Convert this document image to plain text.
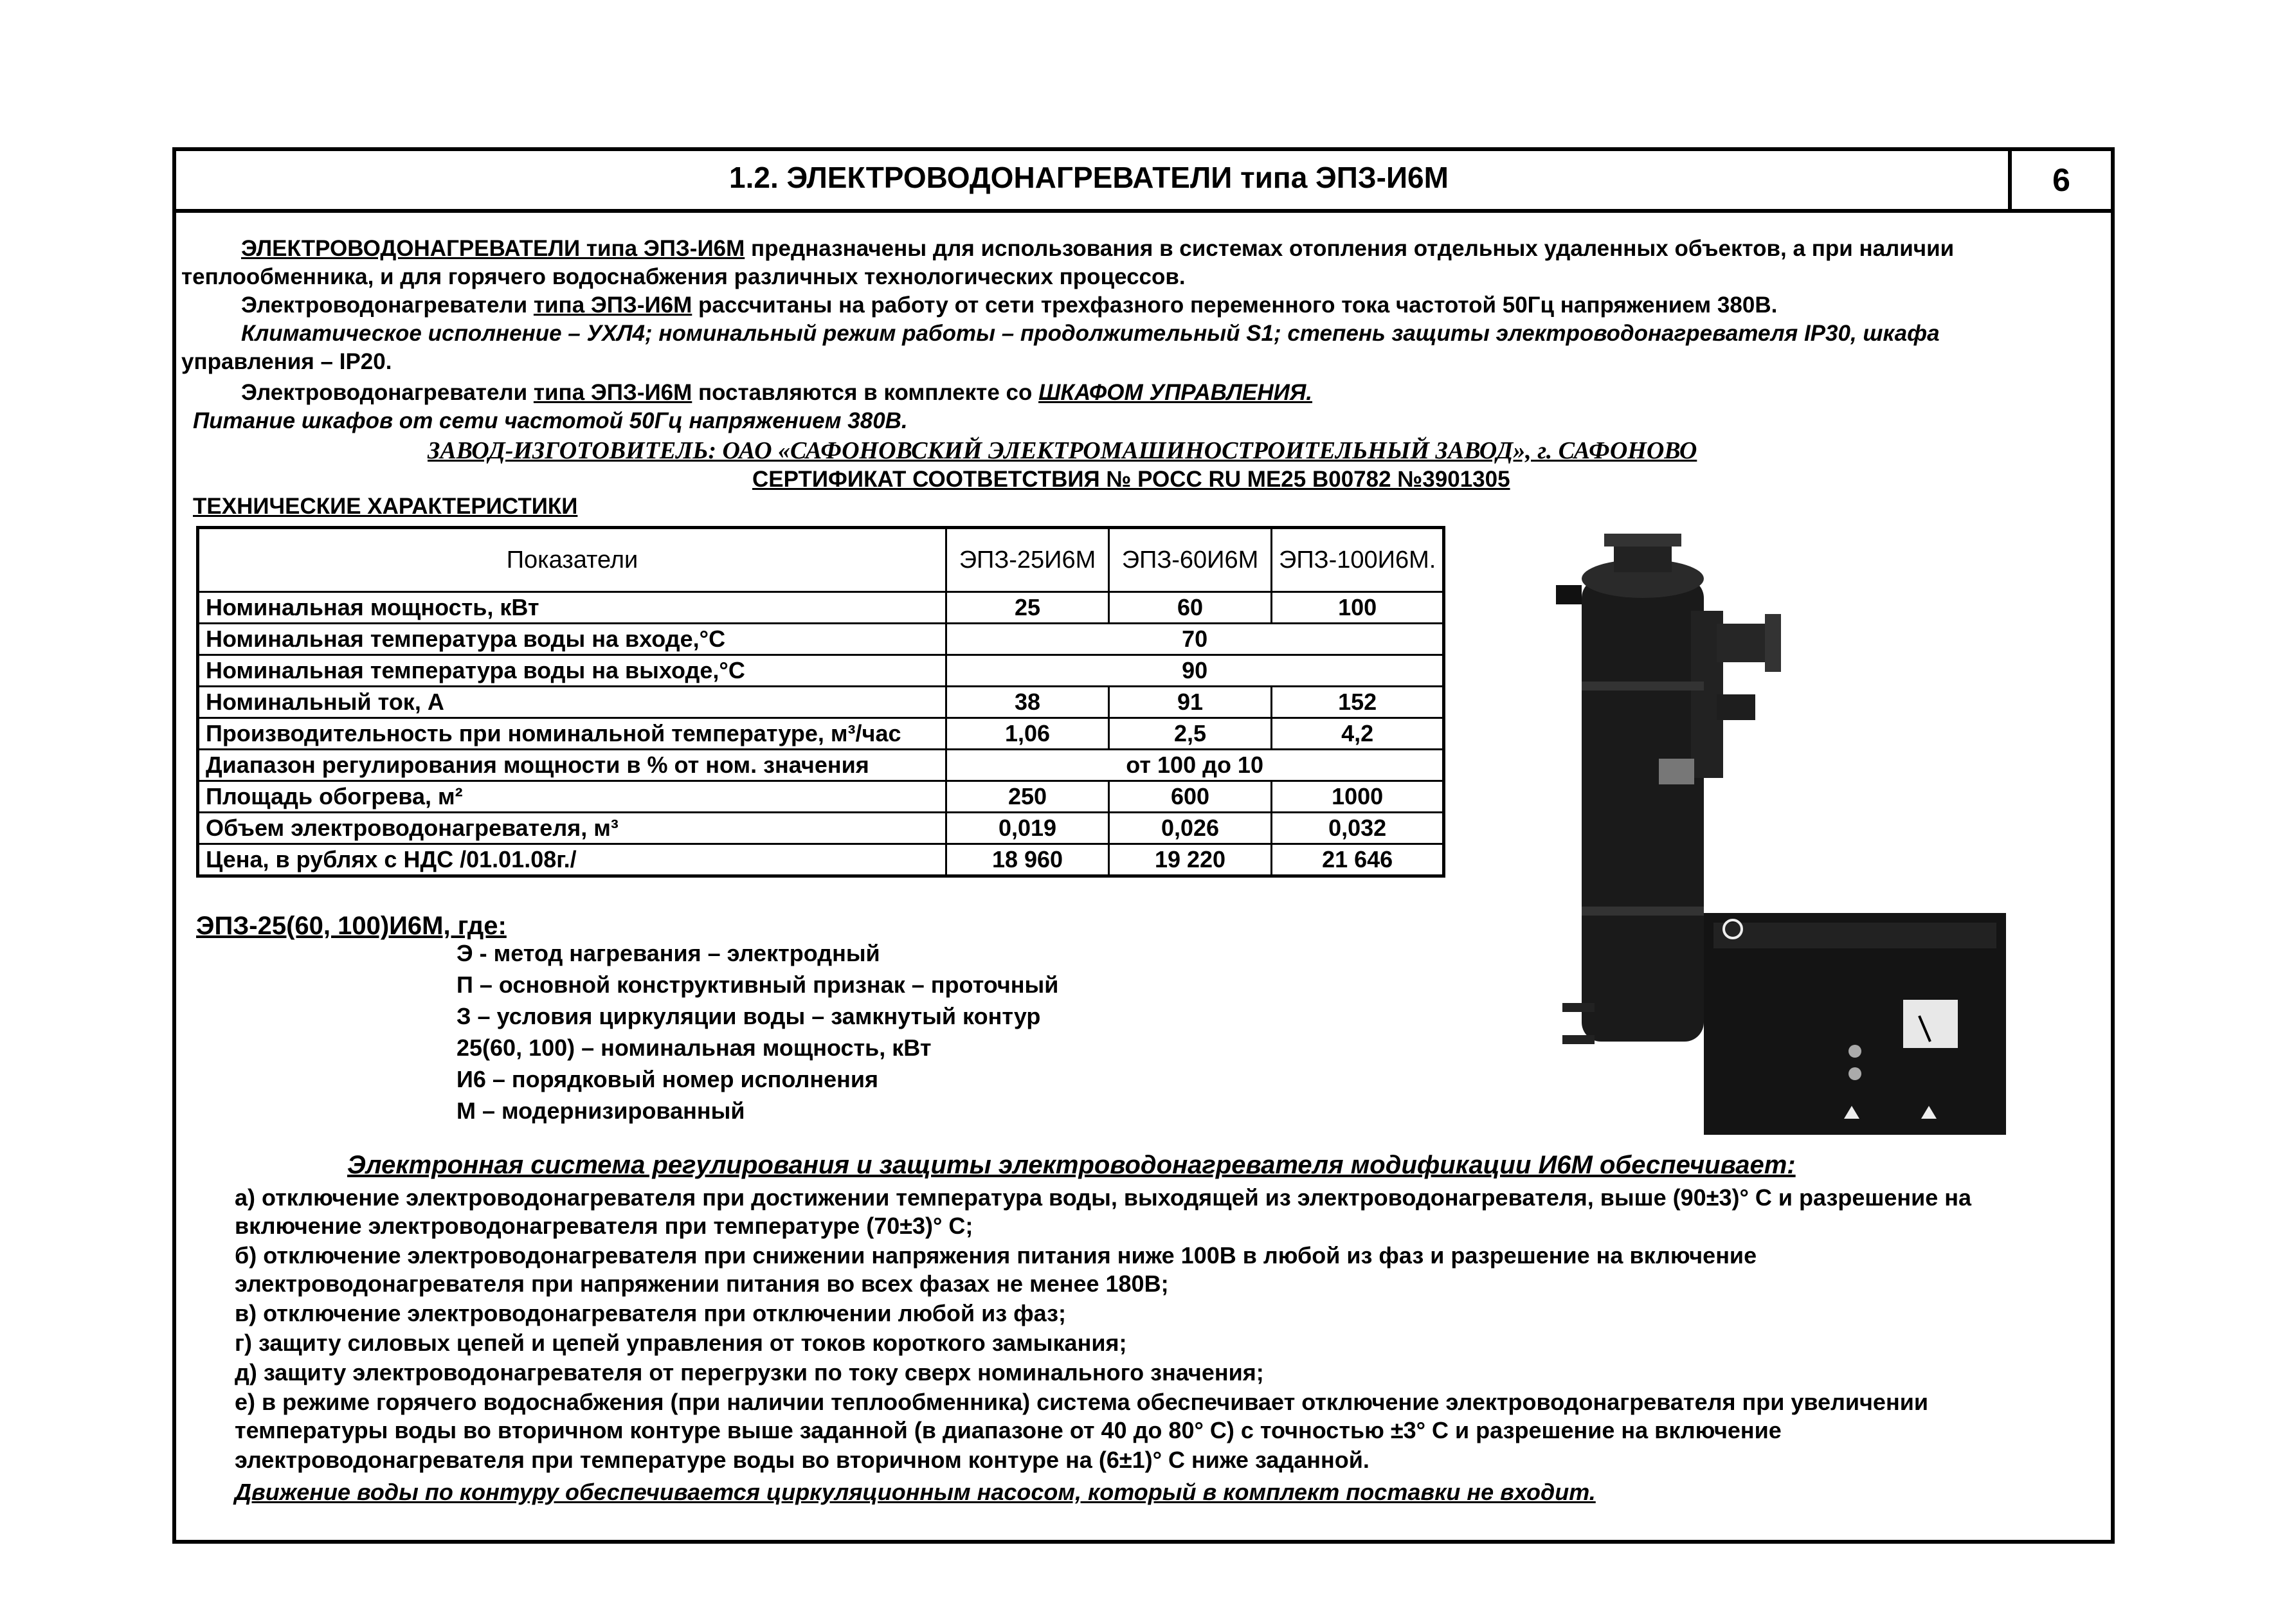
1.2. ЭЛЕКТРОВОДОНАГРЕВАТЕЛИ типа ЭПЗ-И6М	6
ЭЛЕКТРОВОДОНАГРЕВАТЕЛИ типа ЭПЗ-И6М предназначены для использования в системах отопления отдельных удаленных объектов, а при наличии
теплообменника, и для горячего водоснабжения различных технологических процессов.
Электроводонагреватели типа ЭПЗ-И6М рассчитаны на работу от сети трехфазного переменного тока частотой 50Гц напряжением 380В.
Климатическое исполнение – УХЛ4; номинальный режим работы – продолжительный S1; степень защиты электроводонагревателя IP30, шкафа
управления – IP20.
Электроводонагреватели типа ЭПЗ-И6М поставляются в комплекте со ШКАФОМ УПРАВЛЕНИЯ.
Питание шкафов от сети частотой 50Гц напряжением 380В.
ЗАВОД-ИЗГОТОВИТЕЛЬ: ОАО «САФОНОВСКИЙ ЭЛЕКТРОМАШИНОСТРОИТЕЛЬНЫЙ ЗАВОД», г. САФОНОВО
СЕРТИФИКАТ СООТВЕТСТВИЯ № РОСС RU МЕ25 В00782 №3901305
ТЕХНИЧЕСКИЕ ХАРАКТЕРИСТИКИ
Показатели	ЭПЗ-25И6М	ЭПЗ-60И6М	ЭПЗ-100И6М.
Номинальная мощность, кВт	25	60	100
Номинальная температура воды на входе,°С	70		
Номинальная температура воды на выходе,°С	90		
Номинальный ток, А	38	91	152
Производительность при номинальной температуре, м³/час	1,06	2,5	4,2
Диапазон регулирования мощности в % от ном. значения	от 100 до 10		
Площадь обогрева, м²	250	600	1000
Объем электроводонагревателя, м³	0,019	0,026	0,032
Цена, в рублях с НДС /01.01.08г./	18 960	19 220	21 646
ЭПЗ-25(60, 100)И6М, где:
Э - метод нагревания – электродный
П – основной конструктивный признак – проточный
З – условия циркуляции воды – замкнутый контур
25(60, 100) – номинальная мощность, кВт
И6 – порядковый номер исполнения
М – модернизированный
Электронная система регулирования и защиты электроводонагревателя модификации И6М обеспечивает:
а) отключение электроводонагревателя при достижении температура воды, выходящей из электроводонагревателя, выше (90±3)° С и разрешение на
включение электроводонагревателя при температуре (70±3)° С;
б) отключение электроводонагревателя при снижении напряжения питания ниже 100В в любой из фаз и разрешение на включение
электроводонагревателя при напряжении питания во всех фазах не менее 180В;
в) отключение электроводонагревателя при отключении любой из фаз;
г) защиту силовых цепей и цепей управления от токов короткого замыкания;
д) защиту электроводонагревателя от перегрузки по току сверх номинального значения;
е) в режиме горячего водоснабжения (при наличии теплообменника) система обеспечивает отключение электроводонагревателя при увеличении
температуры воды во вторичном контуре выше заданной (в диапазоне от 40 до 80° С) с точностью ±3° С и разрешение на включение
электроводонагревателя при температуре воды во вторичном контуре на (6±1)° С ниже заданной.
Движение воды по контуру обеспечивается циркуляционным насосом, который в комплект поставки не входит.
